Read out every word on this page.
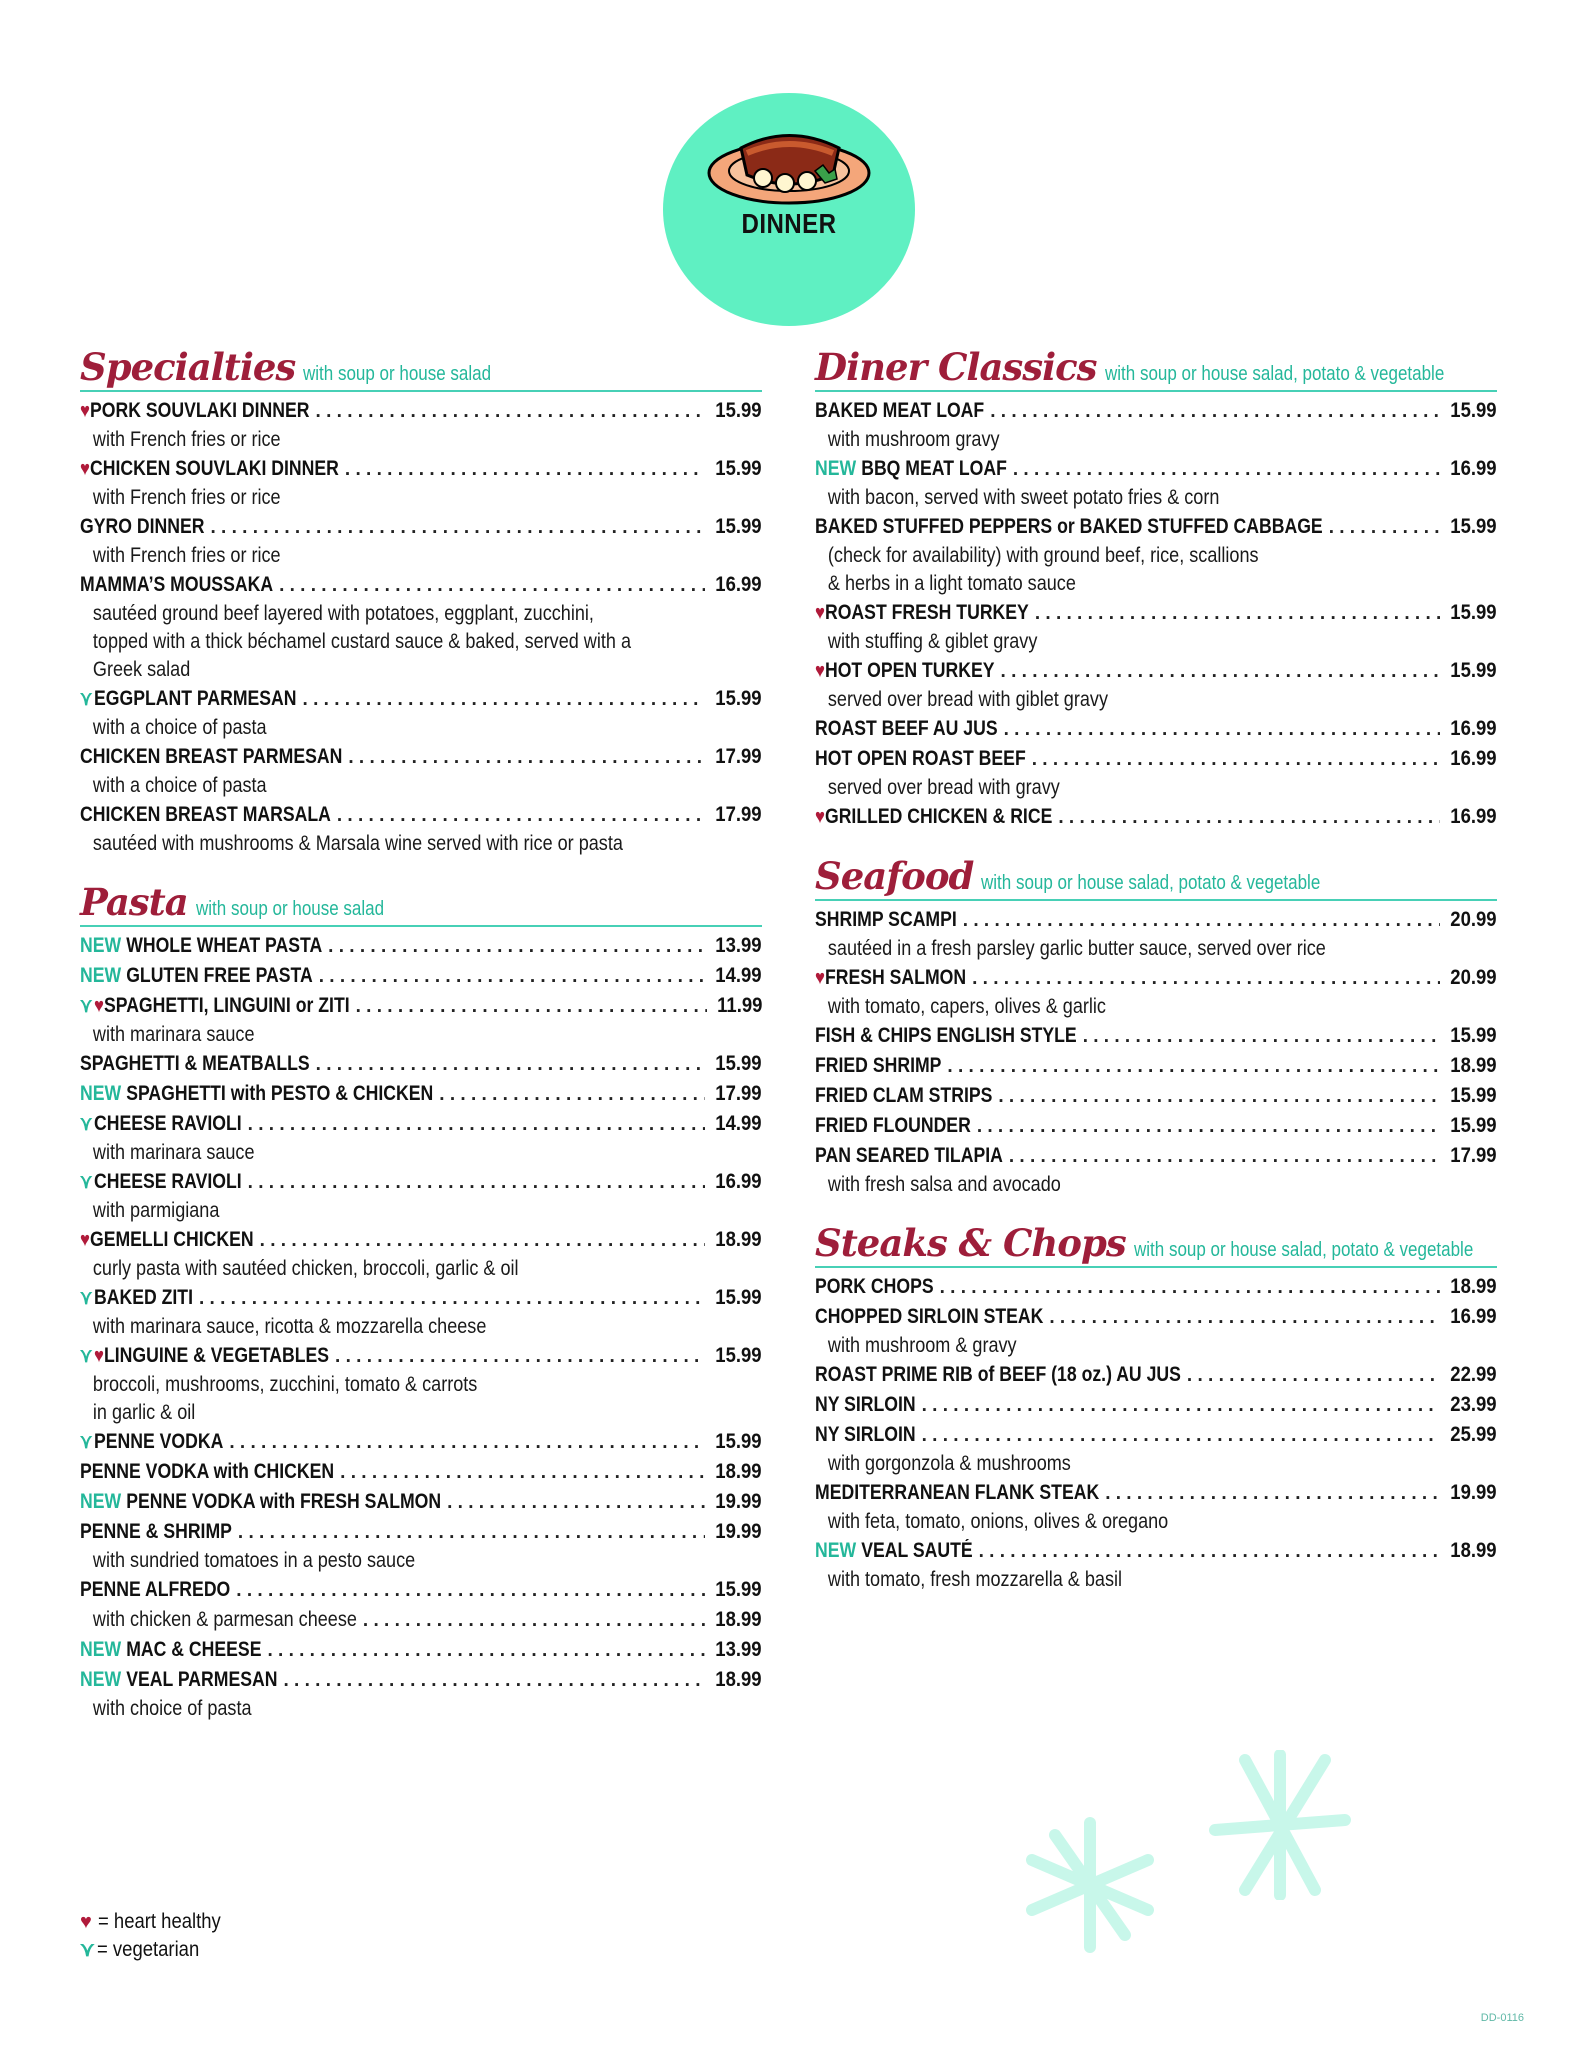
DINNER
Specialties with soup or house salad
♥PORK SOUVLAKI DINNER . . .	15.99
with French fries or rice
♥CHICKEN SOUVLAKI DINNER . . .	15.99
with French fries or rice
GYRO DINNER . . .	15.99
with French fries or rice
MAMMA’S MOUSSAKA . . .	16.99
sautéed ground beef layered with potatoes, eggplant, zucchini,
topped with a thick béchamel custard sauce & baked, served with a
Greek salad
⋎EGGPLANT PARMESAN . . .	15.99
with a choice of pasta
CHICKEN BREAST PARMESAN . . .	17.99
with a choice of pasta
CHICKEN BREAST MARSALA . . .	17.99
sautéed with mushrooms & Marsala wine served with rice or pasta
Pasta with soup or house salad
NEW WHOLE WHEAT PASTA . . .	13.99
NEW GLUTEN FREE PASTA . . .	14.99
⋎♥SPAGHETTI, LINGUINI or ZITI . . .	11.99
with marinara sauce
SPAGHETTI & MEATBALLS . . .	15.99
NEW SPAGHETTI with PESTO & CHICKEN . . .	17.99
⋎CHEESE RAVIOLI . . .	14.99
with marinara sauce
⋎CHEESE RAVIOLI . . .	16.99
with parmigiana
♥GEMELLI CHICKEN . . .	18.99
curly pasta with sautéed chicken, broccoli, garlic & oil
⋎BAKED ZITI . . .	15.99
with marinara sauce, ricotta & mozzarella cheese
⋎♥LINGUINE & VEGETABLES . . .	15.99
broccoli, mushrooms, zucchini, tomato & carrots
in garlic & oil
⋎PENNE VODKA . . .	15.99
PENNE VODKA with CHICKEN . . .	18.99
NEW PENNE VODKA with FRESH SALMON . . .	19.99
PENNE & SHRIMP . . .	19.99
with sundried tomatoes in a pesto sauce
PENNE ALFREDO . . .	15.99
with chicken & parmesan cheese . . .	18.99
NEW MAC & CHEESE . . .	13.99
NEW VEAL PARMESAN . . .	18.99
with choice of pasta
Diner Classics with soup or house salad, potato & vegetable
BAKED MEAT LOAF . . .	15.99
with mushroom gravy
NEW BBQ MEAT LOAF . . .	16.99
with bacon, served with sweet potato fries & corn
BAKED STUFFED PEPPERS or BAKED STUFFED CABBAGE . . .	15.99
(check for availability) with ground beef, rice, scallions
& herbs in a light tomato sauce
♥ROAST FRESH TURKEY . . .	15.99
with stuffing & giblet gravy
♥HOT OPEN TURKEY . . .	15.99
served over bread with giblet gravy
ROAST BEEF AU JUS . . .	16.99
HOT OPEN ROAST BEEF . . .	16.99
served over bread with gravy
♥GRILLED CHICKEN & RICE . . .	16.99
Seafood with soup or house salad, potato & vegetable
SHRIMP SCAMPI . . .	20.99
sautéed in a fresh parsley garlic butter sauce, served over rice
♥FRESH SALMON . . .	20.99
with tomato, capers, olives & garlic
FISH & CHIPS ENGLISH STYLE . . .	15.99
FRIED SHRIMP . . .	18.99
FRIED CLAM STRIPS . . .	15.99
FRIED FLOUNDER . . .	15.99
PAN SEARED TILAPIA . . .	17.99
with fresh salsa and avocado
Steaks & Chops with soup or house salad, potato & vegetable
PORK CHOPS . . .	18.99
CHOPPED SIRLOIN STEAK . . .	16.99
with mushroom & gravy
ROAST PRIME RIB of BEEF (18 oz.) AU JUS . . .	22.99
NY SIRLOIN . . .	23.99
NY SIRLOIN . . .	25.99
with gorgonzola & mushrooms
MEDITERRANEAN FLANK STEAK . . .	19.99
with feta, tomato, onions, olives & oregano
NEW VEAL SAUTÉ . . .	18.99
with tomato, fresh mozzarella & basil
♥ = heart healthy
⋎= vegetarian
DD-0116
